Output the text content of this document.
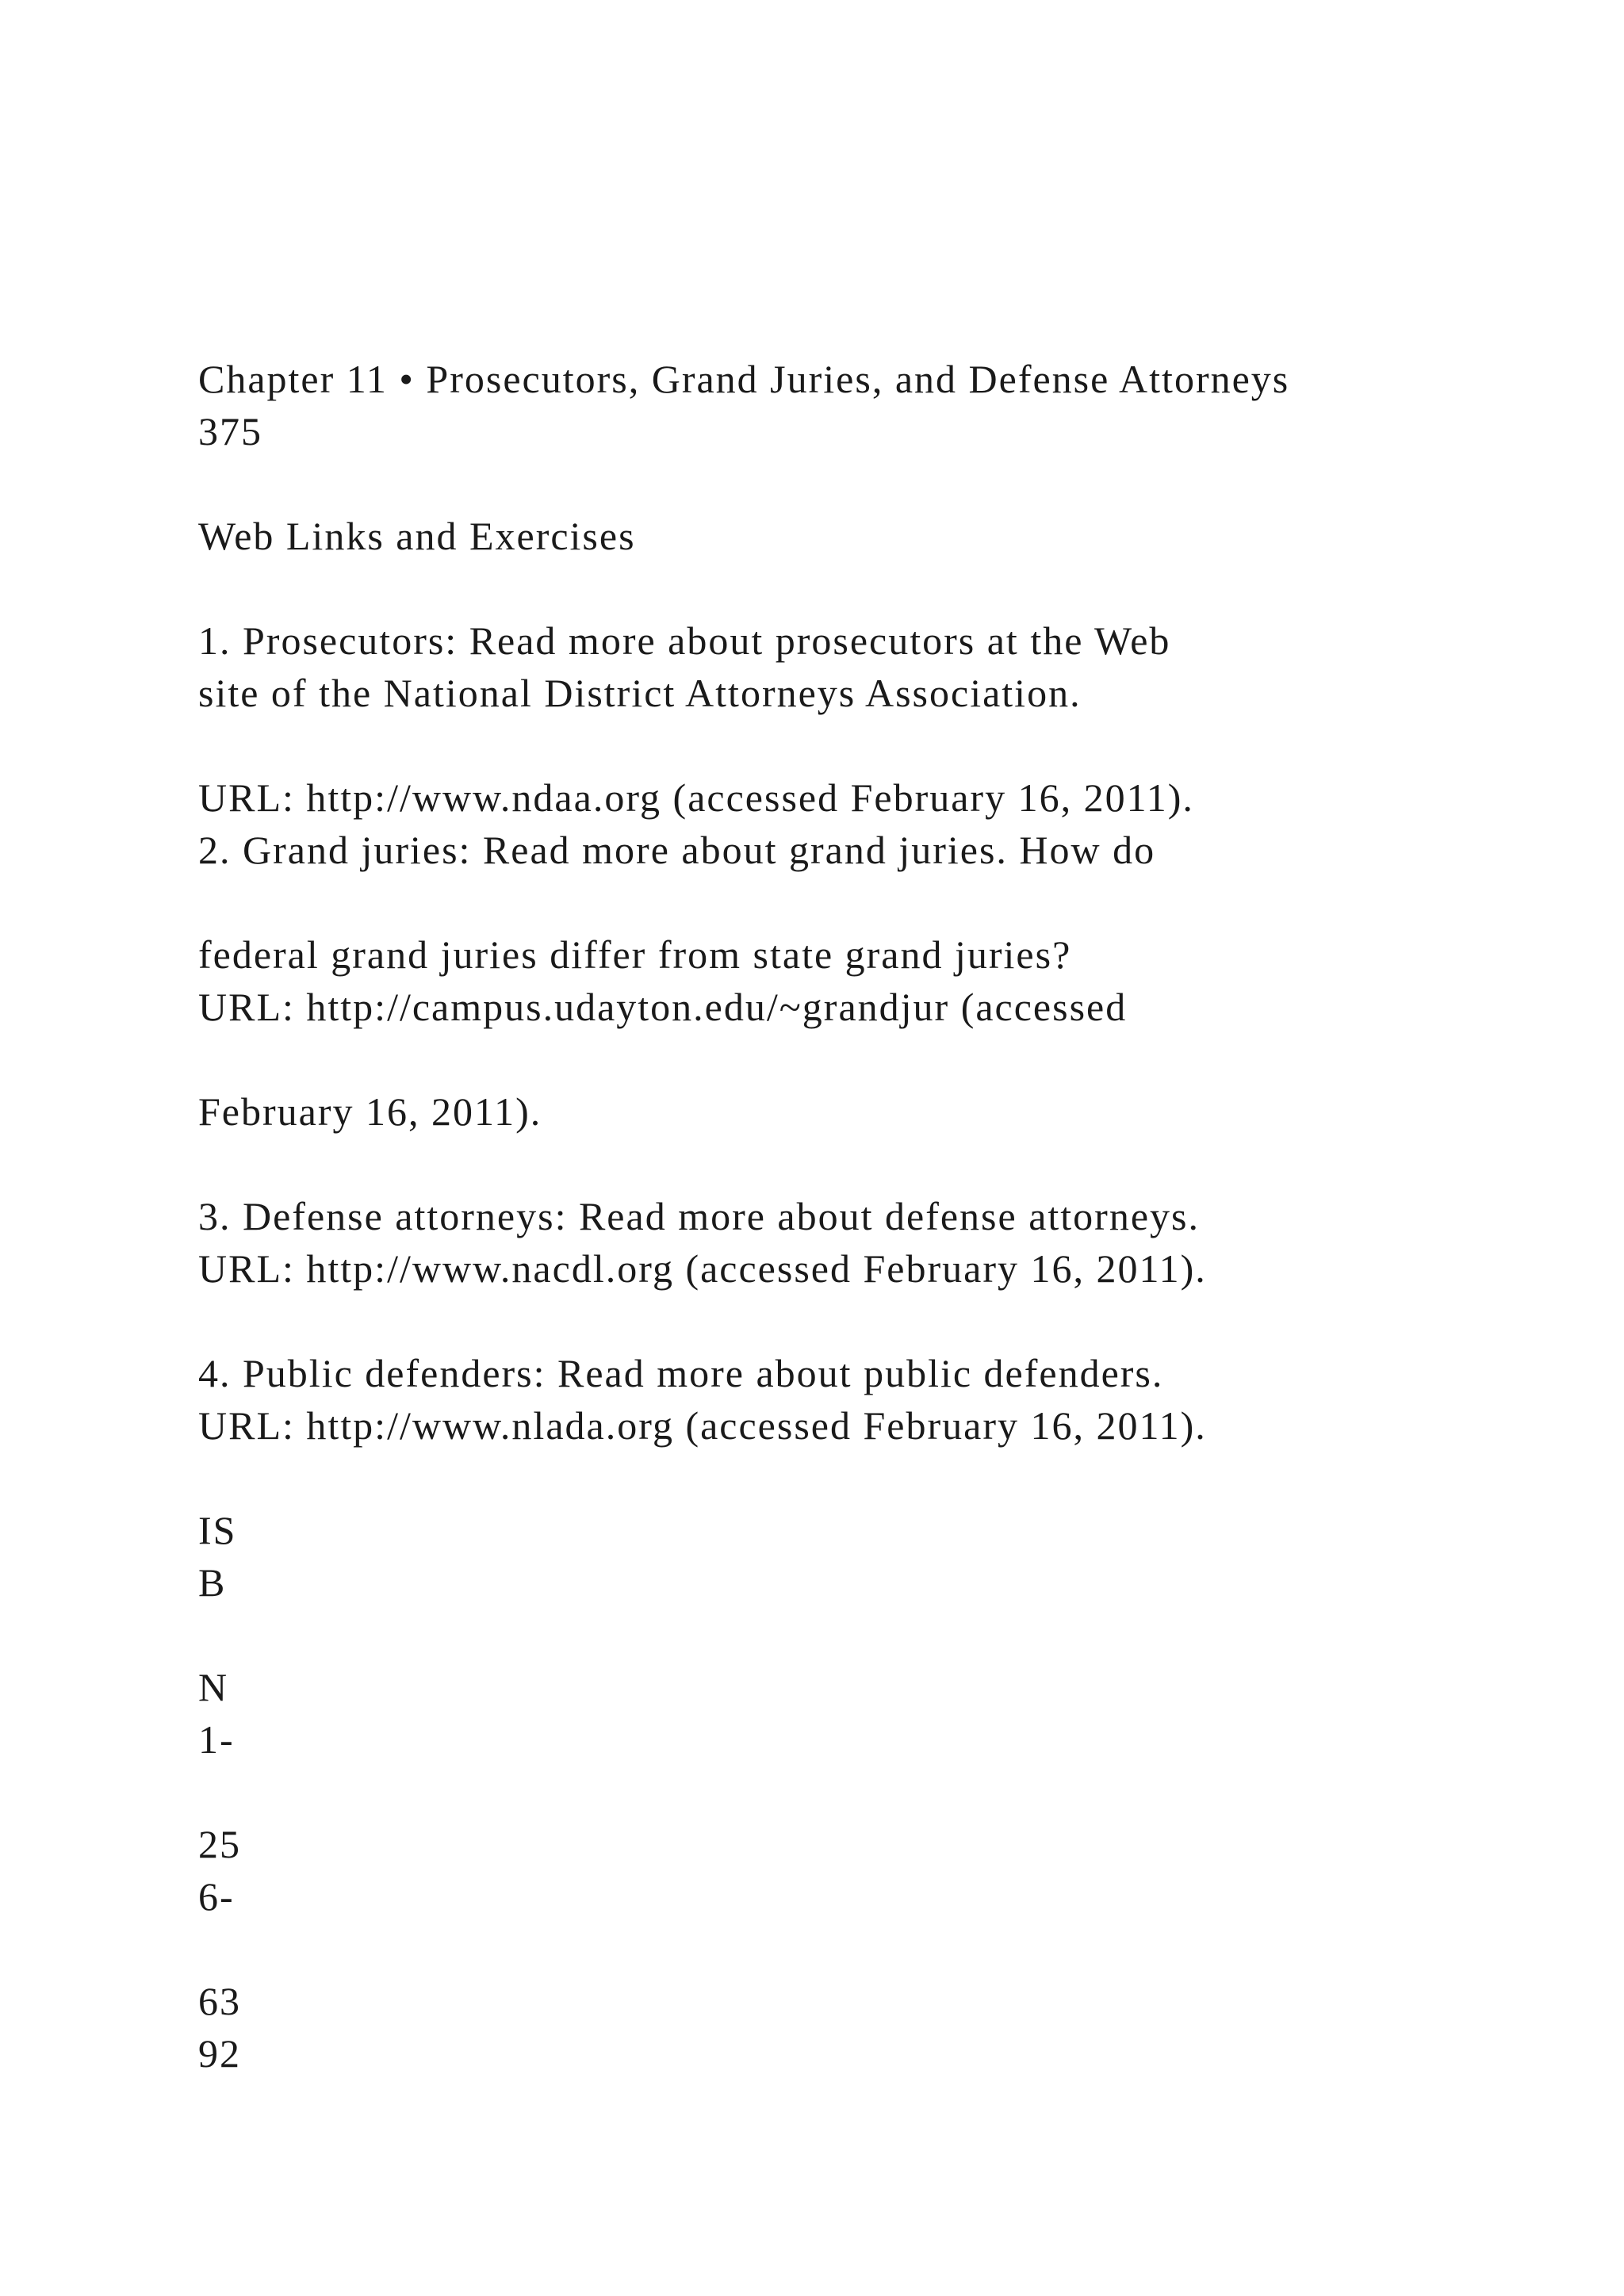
Chapter 11 • Prosecutors, Grand Juries, and Defense Attorneys
375
Web Links and Exercises
1. Prosecutors: Read more about prosecutors at the Web
site of the National District Attorneys Association.
URL: http://www.ndaa.org (accessed February 16, 2011).
2. Grand juries: Read more about grand juries. How do
federal grand juries differ from state grand juries?
URL: http://campus.udayton.edu/~grandjur (accessed
February 16, 2011).
3. Defense attorneys: Read more about defense attorneys.
URL: http://www.nacdl.org (accessed February 16, 2011).
4. Public defenders: Read more about public defenders.
URL: http://www.nlada.org (accessed February 16, 2011).
IS
B
N
1-
25
6-
63
92
